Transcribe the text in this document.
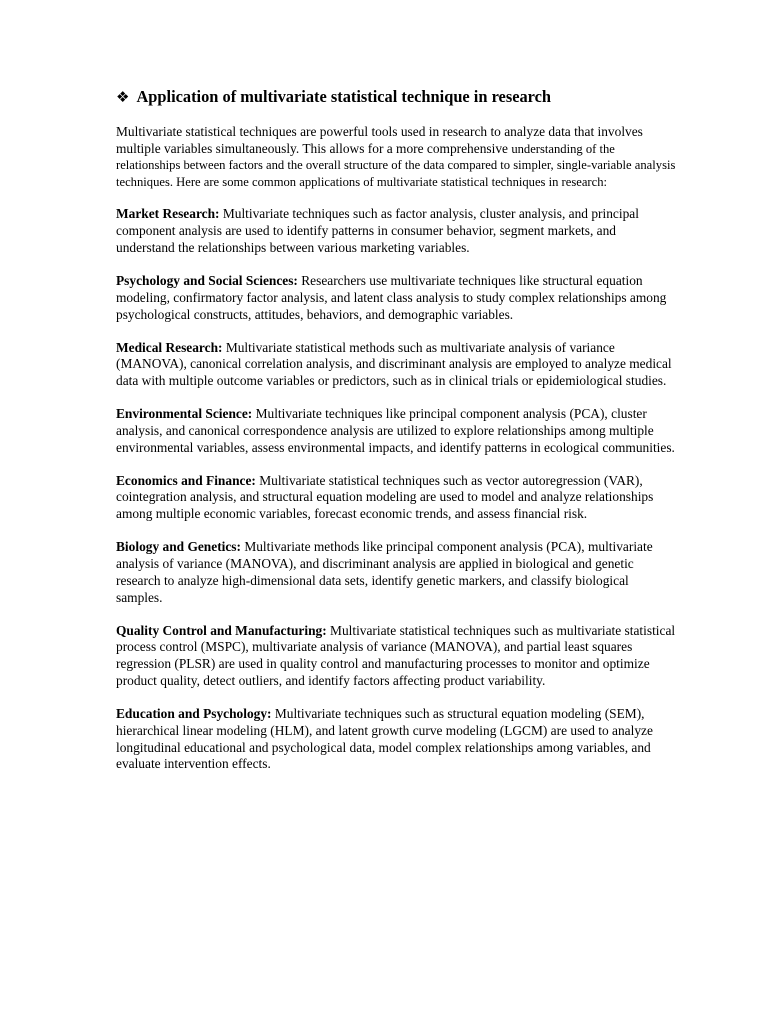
❖ Application of multivariate statistical technique in research

Multivariate statistical techniques are powerful tools used in research to analyze data that involves multiple variables simultaneously. This allows for a more comprehensive understanding of the relationships between factors and the overall structure of the data compared to simpler, single-variable analysis techniques. Here are some common applications of multivariate statistical techniques in research:

Market Research: Multivariate techniques such as factor analysis, cluster analysis, and principal component analysis are used to identify patterns in consumer behavior, segment markets, and understand the relationships between various marketing variables.

Psychology and Social Sciences: Researchers use multivariate techniques like structural equation modeling, confirmatory factor analysis, and latent class analysis to study complex relationships among psychological constructs, attitudes, behaviors, and demographic variables.

Medical Research: Multivariate statistical methods such as multivariate analysis of variance (MANOVA), canonical correlation analysis, and discriminant analysis are employed to analyze medical data with multiple outcome variables or predictors, such as in clinical trials or epidemiological studies.

Environmental Science: Multivariate techniques like principal component analysis (PCA), cluster analysis, and canonical correspondence analysis are utilized to explore relationships among multiple environmental variables, assess environmental impacts, and identify patterns in ecological communities.

Economics and Finance: Multivariate statistical techniques such as vector autoregression (VAR), cointegration analysis, and structural equation modeling are used to model and analyze relationships among multiple economic variables, forecast economic trends, and assess financial risk.

Biology and Genetics: Multivariate methods like principal component analysis (PCA), multivariate analysis of variance (MANOVA), and discriminant analysis are applied in biological and genetic research to analyze high-dimensional data sets, identify genetic markers, and classify biological samples.

Quality Control and Manufacturing: Multivariate statistical techniques such as multivariate statistical process control (MSPC), multivariate analysis of variance (MANOVA), and partial least squares regression (PLSR) are used in quality control and manufacturing processes to monitor and optimize product quality, detect outliers, and identify factors affecting product variability.

Education and Psychology: Multivariate techniques such as structural equation modeling (SEM), hierarchical linear modeling (HLM), and latent growth curve modeling (LGCM) are used to analyze longitudinal educational and psychological data, model complex relationships among variables, and evaluate intervention effects.
